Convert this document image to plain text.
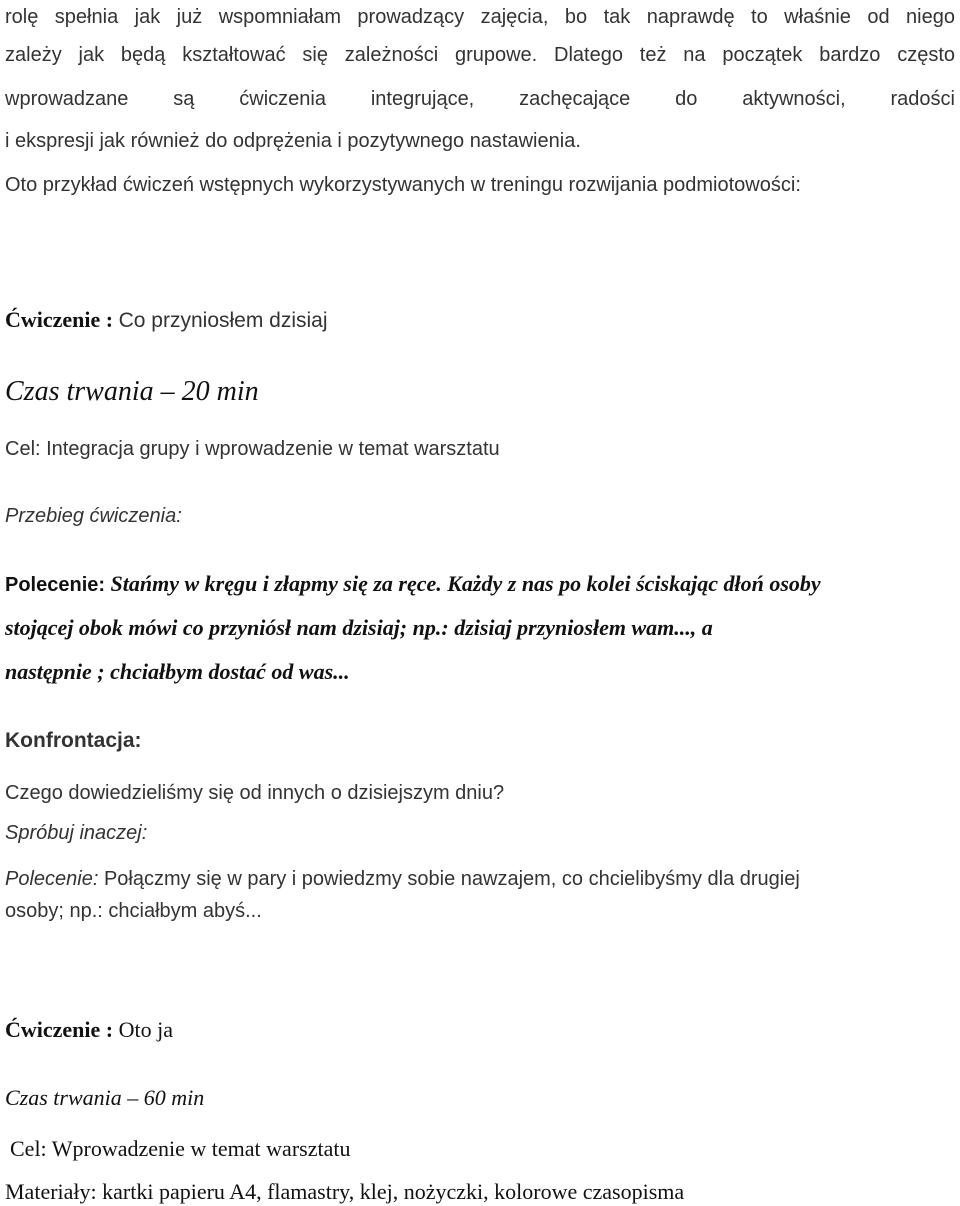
rolę spełnia jak już wspomniałam prowadzący zajęcia, bo tak naprawdę to właśnie od niego
zależy jak będą kształtować się zależności grupowe. Dlatego też na początek bardzo często
wprowadzane są ćwiczenia integrujące, zachęcające do aktywności, radości
i ekspresji jak również do odprężenia i pozytywnego nastawienia.
Oto przykład ćwiczeń wstępnych wykorzystywanych w treningu rozwijania podmiotowości:
Ćwiczenie : Co przyniosłem dzisiaj
Czas trwania – 20 min
Cel: Integracja grupy i wprowadzenie w temat warsztatu
Przebieg ćwiczenia:
Polecenie: Stańmy w kręgu i złapmy się za ręce. Każdy z nas po kolei ściskając dłoń osoby
stojącej obok mówi co przyniósł nam dzisiaj; np.: dzisiaj przyniosłem wam..., a
następnie ; chciałbym dostać od was...
Konfrontacja:
Czego dowiedzieliśmy się od innych o dzisiejszym dniu?
Spróbuj inaczej:
Polecenie: Połączmy się w pary i powiedzmy sobie nawzajem, co chcielibyśmy dla drugiej
osoby; np.: chciałbym abyś...
Ćwiczenie : Oto ja
Czas trwania – 60 min
Cel: Wprowadzenie w temat warsztatu
Materiały: kartki papieru A4, flamastry, klej, nożyczki, kolorowe czasopisma
